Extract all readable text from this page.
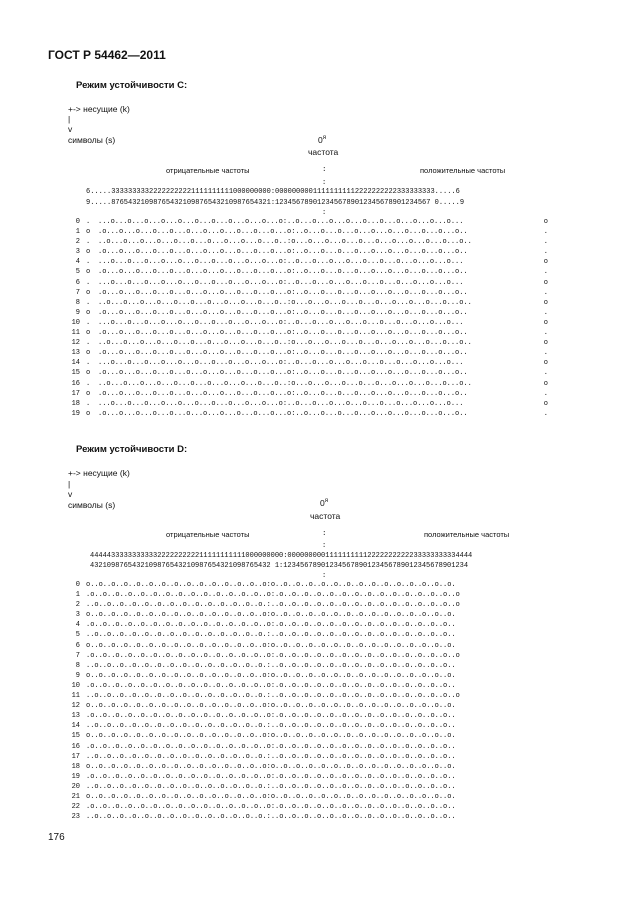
ГОСТ Р 54462—2011
Режим устойчивости C:
+-> несущие (k)
|
v
символы (s)	$0^я$
частота
отрицательные частоты	:	положительные частоты
:
6.....33333333322222222221111111111000000000:00000000011111111112222222222333333333.....6
9.....87654321098765432109876543210987654321:1234567890123456789012345678901234567 0.....9
:
0 .	...o...o...o...o...o...o...o...o...o...o...o:..o...o...o...o...o...o...o...o...o...o...	o
1 o	.o...o...o...o...o...o...o...o...o...o...o...o:..o...o...o...o...o...o...o...o...o...o..	.
2 .	..o...o...o...o...o...o...o...o...o...o...o..:o...o...o...o...o...o...o...o...o...o...o..	.
3 o	.o...o...o...o...o...o...o...o...o...o...o...o:..o...o...o...o...o...o...o...o...o...o..	.
4 .	...o...o...o...o...o...o...o...o...o...o...o:..o...o...o...o...o...o...o...o...o...o...	o
5 o	.o...o...o...o...o...o...o...o...o...o...o...o:..o...o...o...o...o...o...o...o...o...o..	.
6 .	...o...o...o...o...o...o...o...o...o...o...o:..o...o...o...o...o...o...o...o...o...o...	o
7 o	.o...o...o...o...o...o...o...o...o...o...o...o:..o...o...o...o...o...o...o...o...o...o..	.
8 .	..o...o...o...o...o...o...o...o...o...o...o..:o...o...o...o...o...o...o...o...o...o...o..	o
9 o	.o...o...o...o...o...o...o...o...o...o...o...o:..o...o...o...o...o...o...o...o...o...o..	.
10 .	...o...o...o...o...o...o...o...o...o...o...o:..o...o...o...o...o...o...o...o...o...o...	o
11 o	.o...o...o...o...o...o...o...o...o...o...o...o:..o...o...o...o...o...o...o...o...o...o..	.
12 .	..o...o...o...o...o...o...o...o...o...o...o..:o...o...o...o...o...o...o...o...o...o...o..	o
13 o	.o...o...o...o...o...o...o...o...o...o...o...o:..o...o...o...o...o...o...o...o...o...o..	.
14 .	...o...o...o...o...o...o...o...o...o...o...o:..o...o...o...o...o...o...o...o...o...o...	o
15 o	.o...o...o...o...o...o...o...o...o...o...o...o:..o...o...o...o...o...o...o...o...o...o..	.
16 .	..o...o...o...o...o...o...o...o...o...o...o..:o...o...o...o...o...o...o...o...o...o...o..	o
17 o	.o...o...o...o...o...o...o...o...o...o...o...o:..o...o...o...o...o...o...o...o...o...o..	.
18 .	...o...o...o...o...o...o...o...o...o...o...o:..o...o...o...o...o...o...o...o...o...o...	o
19 o	.o...o...o...o...o...o...o...o...o...o...o...o:..o...o...o...o...o...o...o...o...o...o..	.
Режим устойчивости D:
+-> несущие (k)
|
v
символы (s)	$0^я$
частота
отрицательные частоты	:	положительные частоты
:
4444433333333333222222222211111111111000000000:00000000011111111112222222222233333333334444
4321098765432109876543210987654321098765432 1:12345678901234567890123456789012345678901234
:
0 o..o..o..o..o..o..o..o..o..o..o..o..o..o..o:o..o..o..o..o..o..o..o..o..o..o..o..o..o..o.
1 .o..o..o..o..o..o..o..o..o..o..o..o..o..o..o:.o..o..o..o..o..o..o..o..o..o..o..o..o..o..o
2 ..o..o..o..o..o..o..o..o..o..o..o..o..o..o.:..o..o..o..o..o..o..o..o..o..o..o..o..o..o..o
3 o..o..o..o..o..o..o..o..o..o..o..o..o..o..o:o..o..o..o..o..o..o..o..o..o..o..o..o..o..o.
4 .o..o..o..o..o..o..o..o..o..o..o..o..o..o..o:.o..o..o..o..o..o..o..o..o..o..o..o..o..o..
5 ..o..o..o..o..o..o..o..o..o..o..o..o..o..o.:..o..o..o..o..o..o..o..o..o..o..o..o..o..o..
6 o..o..o..o..o..o..o..o..o..o..o..o..o..o..o:o..o..o..o..o..o..o..o..o..o..o..o..o..o..o.
7 .o..o..o..o..o..o..o..o..o..o..o..o..o..o..o:.o..o..o..o..o..o..o..o..o..o..o..o..o..o..o
8 ..o..o..o..o..o..o..o..o..o..o..o..o..o..o.:..o..o..o..o..o..o..o..o..o..o..o..o..o..o..
9 o..o..o..o..o..o..o..o..o..o..o..o..o..o..o:o..o..o..o..o..o..o..o..o..o..o..o..o..o..o.
10 .o..o..o..o..o..o..o..o..o..o..o..o..o..o..o:.o..o..o..o..o..o..o..o..o..o..o..o..o..o..
11 ..o..o..o..o..o..o..o..o..o..o..o..o..o..o.:..o..o..o..o..o..o..o..o..o..o..o..o..o..o..o
12 o..o..o..o..o..o..o..o..o..o..o..o..o..o..o:o..o..o..o..o..o..o..o..o..o..o..o..o..o..o.
13 .o..o..o..o..o..o..o..o..o..o..o..o..o..o..o:.o..o..o..o..o..o..o..o..o..o..o..o..o..o..
14 ..o..o..o..o..o..o..o..o..o..o..o..o..o..o.:..o..o..o..o..o..o..o..o..o..o..o..o..o..o..
15 o..o..o..o..o..o..o..o..o..o..o..o..o..o..o:o..o..o..o..o..o..o..o..o..o..o..o..o..o..o.
16 .o..o..o..o..o..o..o..o..o..o..o..o..o..o..o:.o..o..o..o..o..o..o..o..o..o..o..o..o..o..
17 ..o..o..o..o..o..o..o..o..o..o..o..o..o..o.:..o..o..o..o..o..o..o..o..o..o..o..o..o..o..
18 o..o..o..o..o..o..o..o..o..o..o..o..o..o..o:o..o..o..o..o..o..o..o..o..o..o..o..o..o..o.
19 .o..o..o..o..o..o..o..o..o..o..o..o..o..o..o:.o..o..o..o..o..o..o..o..o..o..o..o..o..o..
20 ..o..o..o..o..o..o..o..o..o..o..o..o..o..o.:..o..o..o..o..o..o..o..o..o..o..o..o..o..o..
21 o..o..o..o..o..o..o..o..o..o..o..o..o..o..o:o..o..o..o..o..o..o..o..o..o..o..o..o..o..o.
22 .o..o..o..o..o..o..o..o..o..o..o..o..o..o..o:.o..o..o..o..o..o..o..o..o..o..o..o..o..o..
23 ..o..o..o..o..o..o..o..o..o..o..o..o..o..o.:..o..o..o..o..o..o..o..o..o..o..o..o..o..o..
176
